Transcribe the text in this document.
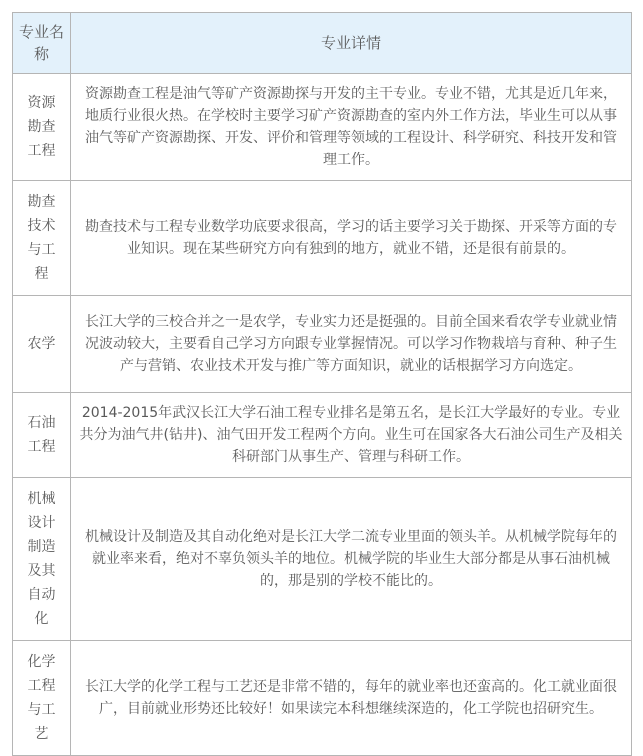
专业名称	专业详情
资源勘查工程	资源勘查工程是油气等矿产资源勘探与开发的主干专业。专业不错，尤其是近几年来，地质行业很火热。在学校时主要学习矿产资源勘查的室内外工作方法，毕业生可以从事油气等矿产资源勘探、开发、评价和管理等领域的工程设计、科学研究、科技开发和管理工作。
勘查技术与工程	勘查技术与工程专业数学功底要求很高，学习的话主要学习关于勘探、开采等方面的专业知识。现在某些研究方向有独到的地方，就业不错，还是很有前景的。
农学	长江大学的三校合并之一是农学，专业实力还是挺强的。目前全国来看农学专业就业情况波动较大，主要看自己学习方向跟专业掌握情况。可以学习作物栽培与育种、种子生产与营销、农业技术开发与推广等方面知识，就业的话根据学习方向选定。
石油工程	2014-2015年武汉长江大学石油工程专业排名是第五名，是长江大学最好的专业。专业共分为油气井(钻井)、油气田开发工程两个方向。业生可在国家各大石油公司生产及相关科研部门从事生产、管理与科研工作。
机械设计制造及其自动化	机械设计及制造及其自动化绝对是长江大学二流专业里面的领头羊。从机械学院每年的就业率来看，绝对不辜负领头羊的地位。机械学院的毕业生大部分都是从事石油机械的，那是别的学校不能比的。
化学工程与工艺	长江大学的化学工程与工艺还是非常不错的，每年的就业率也还蛮高的。化工就业面很广，目前就业形势还比较好！如果读完本科想继续深造的，化工学院也招研究生。
